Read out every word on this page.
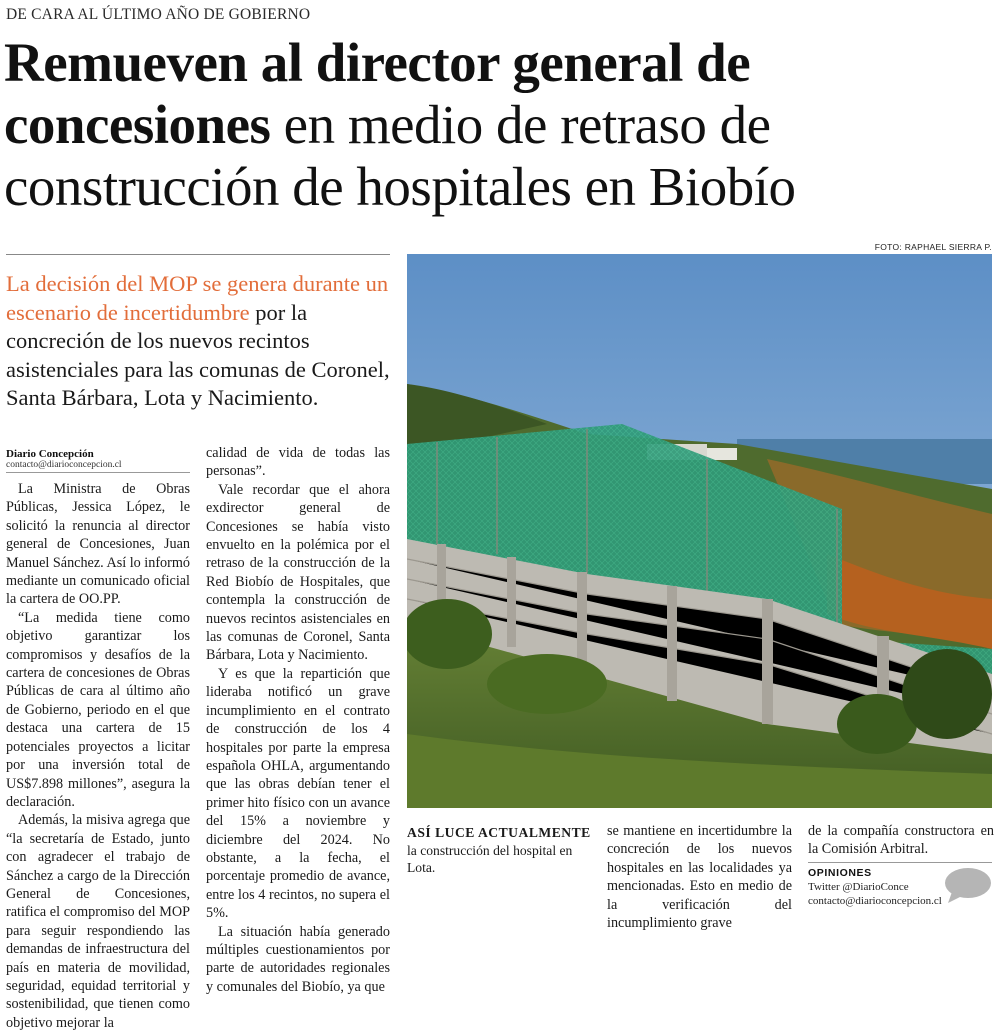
DE CARA AL ÚLTIMO AÑO DE GOBIERNO
Remueven al director general de concesiones en medio de retraso de construcción de hospitales en Biobío
FOTO: RAPHAEL SIERRA P.

La decisión del MOP se genera durante un escenario de incertidumbre por la concreción de los nuevos recintos asistenciales para las comunas de Coronel, Santa Bárbara, Lota y Nacimiento.

Diario Concepción
contacto@diarioconcepcion.cl

La Ministra de Obras Públicas, Jessica López, le solicitó la renuncia al director general de Concesiones, Juan Manuel Sánchez. Así lo informó mediante un comunicado oficial la cartera de OO.PP.

“La medida tiene como objetivo garantizar los compromisos y desafíos de la cartera de concesiones de Obras Públicas de cara al último año de Gobierno, periodo en el que destaca una cartera de 15 potenciales proyectos a licitar por una inversión total de US$7.898 millones”, asegura la declaración.

Además, la misiva agrega que “la secretaría de Estado, junto con agradecer el trabajo de Sánchez a cargo de la Dirección General de Concesiones, ratifica el compromiso del MOP para seguir respondiendo las demandas de infraestructura del país en materia de movilidad, seguridad, equidad territorial y sostenibilidad, que tienen como objetivo mejorar la

calidad de vida de todas las personas”.

Vale recordar que el ahora exdirector general de Concesiones se había visto envuelto en la polémica por el retraso de la construcción de la Red Biobío de Hospitales, que contempla la construcción de nuevos recintos asistenciales en las comunas de Coronel, Santa Bárbara, Lota y Nacimiento.

Y es que la repartición que lideraba notificó un grave incumplimiento en el contrato de construcción de los 4 hospitales por parte la empresa española OHLA, argumentando que las obras debían tener el primer hito físico con un avance del 15% a noviembre y diciembre del 2024. No obstante, a la fecha, el porcentaje promedio de avance, entre los 4 recintos, no supera el 5%.

La situación había generado múltiples cuestionamientos por parte de autoridades regionales y comunales del Biobío, ya que

ASÍ LUCE ACTUALMENTE
la construcción del hospital en Lota.

se mantiene en incertidumbre la concreción de los nuevos hospitales en las localidades ya mencionadas. Esto en medio de la verificación del incumplimiento grave

de la compañía constructora en la Comisión Arbitral.

OPINIONES
Twitter @DiarioConce
contacto@diarioconcepcion.cl
